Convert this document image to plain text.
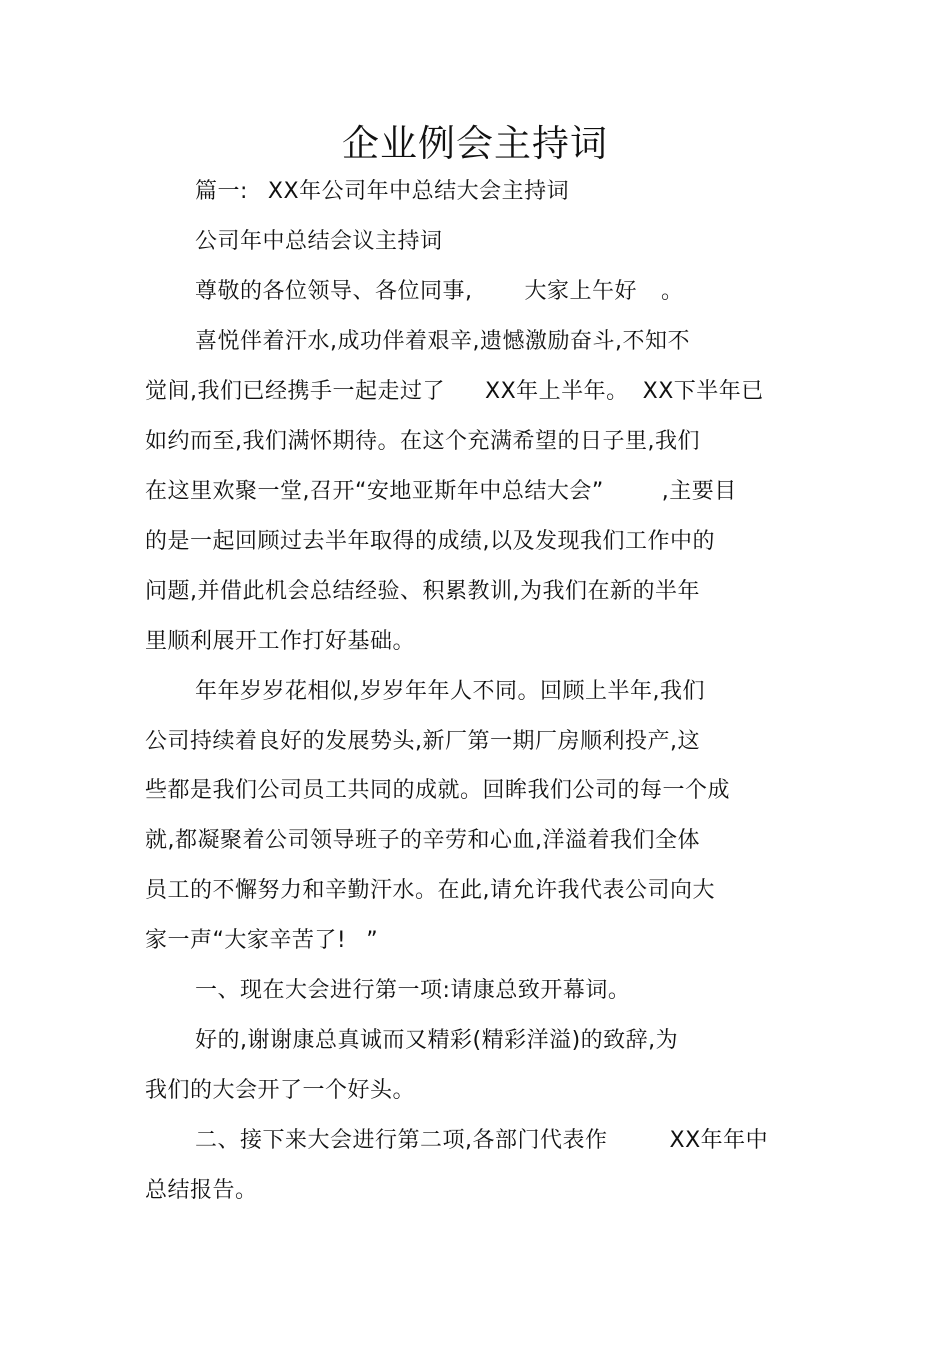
企业例会主持词
篇一: XX年公司年中总结大会主持词
公司年中总结会议主持词
尊敬的各位领导、各位同事, 大家上午好 。
喜悦伴着汗水,成功伴着艰辛,遗憾激励奋斗,不知不
觉间,我们已经携手一起走过了 XX年上半年。 XX下半年已
如约而至,我们满怀期待。在这个充满希望的日子里,我们
在这里欢聚一堂,召开“安地亚斯年中总结大会”	,主要目
的是一起回顾过去半年取得的成绩,以及发现我们工作中的
问题,并借此机会总结经验、积累教训,为我们在新的半年
里顺利展开工作打好基础。
年年岁岁花相似,岁岁年年人不同。回顾上半年,我们
公司持续着良好的发展势头,新厂第一期厂房顺利投产,这
些都是我们公司员工共同的成就。回眸我们公司的每一个成
就,都凝聚着公司领导班子的辛劳和心血,洋溢着我们全体
员工的不懈努力和辛勤汗水。在此,请允许我代表公司向大
家一声“大家辛苦了! ”
一、现在大会进行第一项:请康总致开幕词。
好的,谢谢康总真诚而又精彩(精彩洋溢)的致辞,为
我们的大会开了一个好头。
二、接下来大会进行第二项,各部门代表作	XX年年中
总结报告。
